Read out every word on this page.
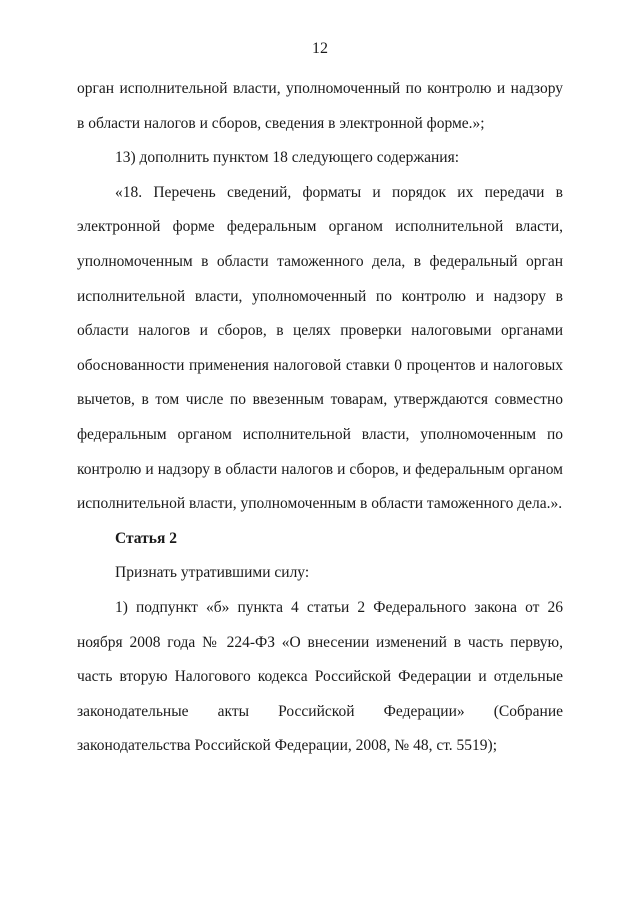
12

орган исполнительной власти, уполномоченный по контролю и надзору в области налогов и сборов, сведения в электронной форме.»;

13) дополнить пунктом 18 следующего содержания:

«18. Перечень сведений, форматы и порядок их передачи в электронной форме федеральным органом исполнительной власти, уполномоченным в области таможенного дела, в федеральный орган исполнительной власти, уполномоченный по контролю и надзору в области налогов и сборов, в целях проверки налоговыми органами обоснованности применения налоговой ставки 0 процентов и налоговых вычетов, в том числе по ввезенным товарам, утверждаются совместно федеральным органом исполнительной власти, уполномоченным по контролю и надзору в области налогов и сборов, и федеральным органом исполнительной власти, уполномоченным в области таможенного дела.».

Статья 2

Признать утратившими силу:

1) подпункт «б» пункта 4 статьи 2 Федерального закона от 26 ноября 2008 года № 224-ФЗ «О внесении изменений в часть первую, часть вторую Налогового кодекса Российской Федерации и отдельные законодательные акты Российской Федерации» (Собрание законодательства Российской Федерации, 2008, № 48, ст. 5519);
